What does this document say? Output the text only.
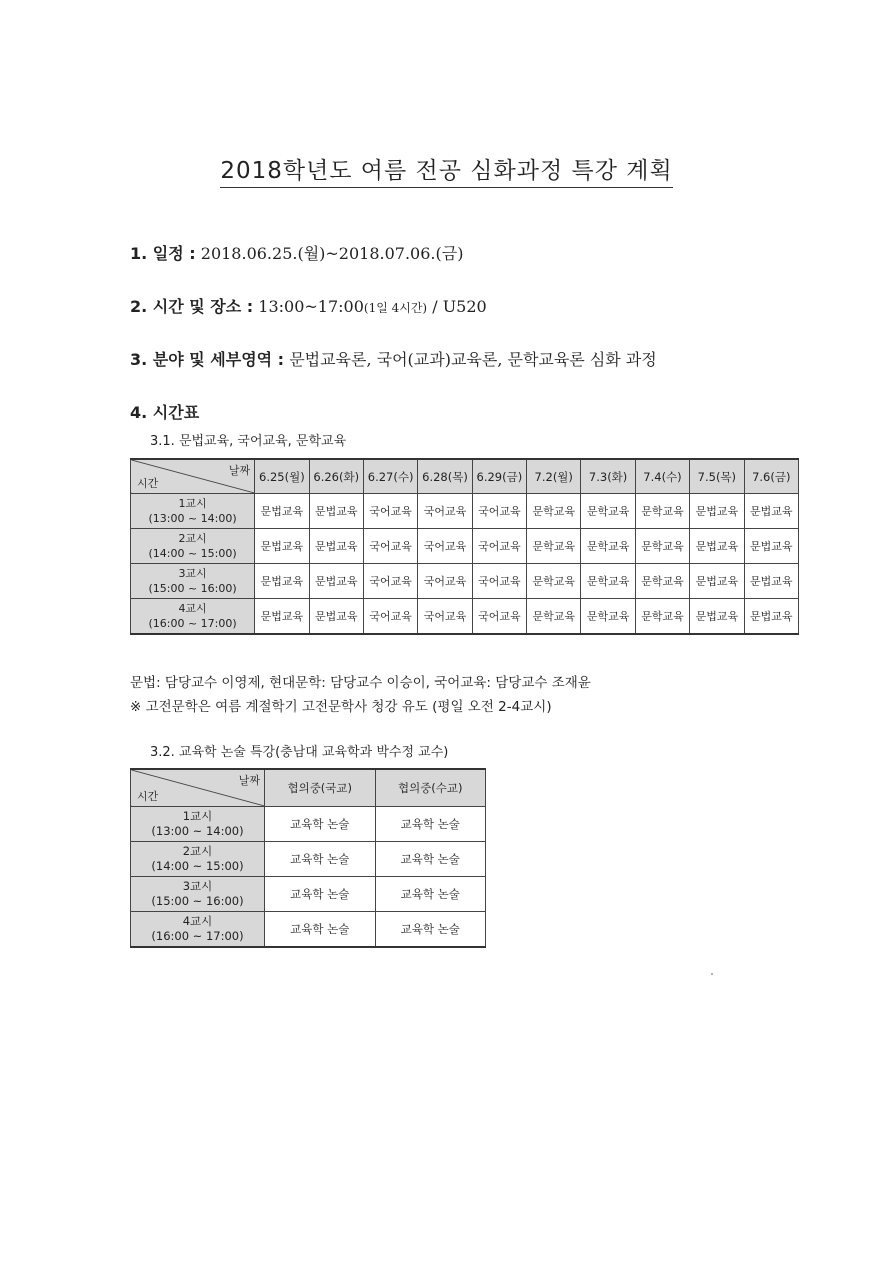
2018학년도 여름 전공 심화과정 특강 계획
1. 일정 : 2018.06.25.(월)~2018.07.06.(금)
2. 시간 및 장소 : 13:00~17:00(1일 4시간) / U520
3. 분야 및 세부영역 : 문법교육론, 국어(교과)교육론, 문학교육론 심화 과정
4. 시간표
3.1. 문법교육, 국어교육, 문학교육
날짜
시간	6.25(월)	6.26(화)	6.27(수)	6.28(목)	6.29(금)	7.2(월)	7.3(화)	7.4(수)	7.5(목)	7.6(금)

1교시
(13:00 ~ 14:00)	문법교육	문법교육	국어교육	국어교육	국어교육	문학교육	문학교육	문학교육	문법교육	문법교육

2교시
(14:00 ~ 15:00)	문법교육	문법교육	국어교육	국어교육	국어교육	문학교육	문학교육	문학교육	문법교육	문법교육

3교시
(15:00 ~ 16:00)	문법교육	문법교육	국어교육	국어교육	국어교육	문학교육	문학교육	문학교육	문법교육	문법교육

4교시
(16:00 ~ 17:00)	문법교육	문법교육	국어교육	국어교육	국어교육	문학교육	문학교육	문학교육	문법교육	문법교육
문법: 담당교수 이영제, 현대문학: 담당교수 이승이, 국어교육: 담당교수 조재윤
※ 고전문학은 여름 계절학기 고전문학사 청강 유도 (평일 오전 2-4교시)
3.2. 교육학 논술 특강(충남대 교육학과 박수정 교수)
날짜
시간	협의중(국교)	협의중(수교)

1교시
(13:00 ~ 14:00)	교육학 논술	교육학 논술

2교시
(14:00 ~ 15:00)	교육학 논술	교육학 논술

3교시
(15:00 ~ 16:00)	교육학 논술	교육학 논술

4교시
(16:00 ~ 17:00)	교육학 논술	교육학 논술
